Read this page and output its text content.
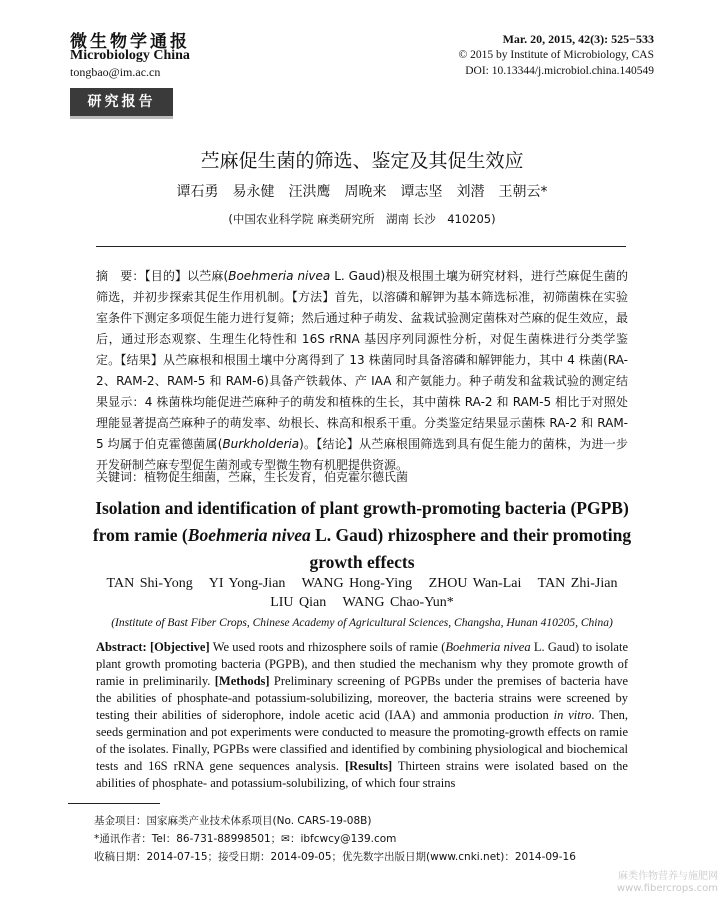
微生物学通报
Microbiology China
tongbao@im.ac.cn
Mar. 20, 2015, 42(3): 525−533
© 2015 by Institute of Microbiology, CAS
DOI: 10.13344/j.microbiol.china.140549
研究报告
苎麻促生菌的筛选、鉴定及其促生效应
谭石勇　易永健　汪洪鹰　周晚来　谭志坚　刘潜　王朝云*
(中国农业科学院 麻类研究所　湖南 长沙　410205)
摘　要：【目的】以苎麻(Boehmeria nivea L. Gaud)根及根围土壤为研究材料，进行苎麻促生菌的筛选，并初步探索其促生作用机制。【方法】首先，以溶磷和解钾为基本筛选标准，初筛菌株在实验室条件下测定多项促生能力进行复筛；然后通过种子萌发、盆栽试验测定菌株对苎麻的促生效应，最后，通过形态观察、生理生化特性和 16S rRNA 基因序列同源性分析，对促生菌株进行分类学鉴定。【结果】从苎麻根和根围土壤中分离得到了 13 株菌同时具备溶磷和解钾能力，其中 4 株菌(RA-2、RAM-2、RAM-5 和 RAM-6)具备产铁载体、产 IAA 和产氨能力。种子萌发和盆栽试验的测定结果显示：4 株菌株均能促进苎麻种子的萌发和植株的生长，其中菌株 RA-2 和 RAM-5 相比于对照处理能显著提高苎麻种子的萌发率、幼根长、株高和根系干重。分类鉴定结果显示菌株 RA-2 和 RAM-5 均属于伯克霍德菌属(Burkholderia)。【结论】从苎麻根围筛选到具有促生能力的菌株，为进一步开发研制苎麻专型促生菌剂或专型微生物有机肥提供资源。
关键词：植物促生细菌，苎麻，生长发育，伯克霍尔德氏菌
Isolation and identification of plant growth-promoting bacteria (PGPB) from ramie (Boehmeria nivea L. Gaud) rhizosphere and their promoting growth effects
TAN Shi-Yong   YI Yong-Jian   WANG Hong-Ying   ZHOU Wan-Lai   TAN Zhi-Jian
LIU Qian   WANG Chao-Yun*
(Institute of Bast Fiber Crops, Chinese Academy of Agricultural Sciences, Changsha, Hunan 410205, China)
Abstract: [Objective] We used roots and rhizosphere soils of ramie (Boehmeria nivea L. Gaud) to isolate plant growth promoting bacteria (PGPB), and then studied the mechanism why they promote growth of ramie in preliminarily. [Methods] Preliminary screening of PGPBs under the premises of bacteria have the abilities of phosphate-and potassium-solubilizing, moreover, the bacteria strains were screened by testing their abilities of siderophore, indole acetic acid (IAA) and ammonia production in vitro. Then, seeds germination and pot experiments were conducted to measure the promoting-growth effects on ramie of the isolates. Finally, PGPBs were classified and identified by combining physiological and biochemical tests and 16S rRNA gene sequences analysis. [Results] Thirteen strains were isolated based on the abilities of phosphate- and potassium-solubilizing, of which four strains
基金项目：国家麻类产业技术体系项目(No. CARS-19-08B)
*通讯作者：Tel：86-731-88998501；✉：ibfcwcy@139.com
收稿日期：2014-07-15；接受日期：2014-09-05；优先数字出版日期(www.cnki.net)：2014-09-16
麻类作物营养与施肥网
www.fibercrops.com
